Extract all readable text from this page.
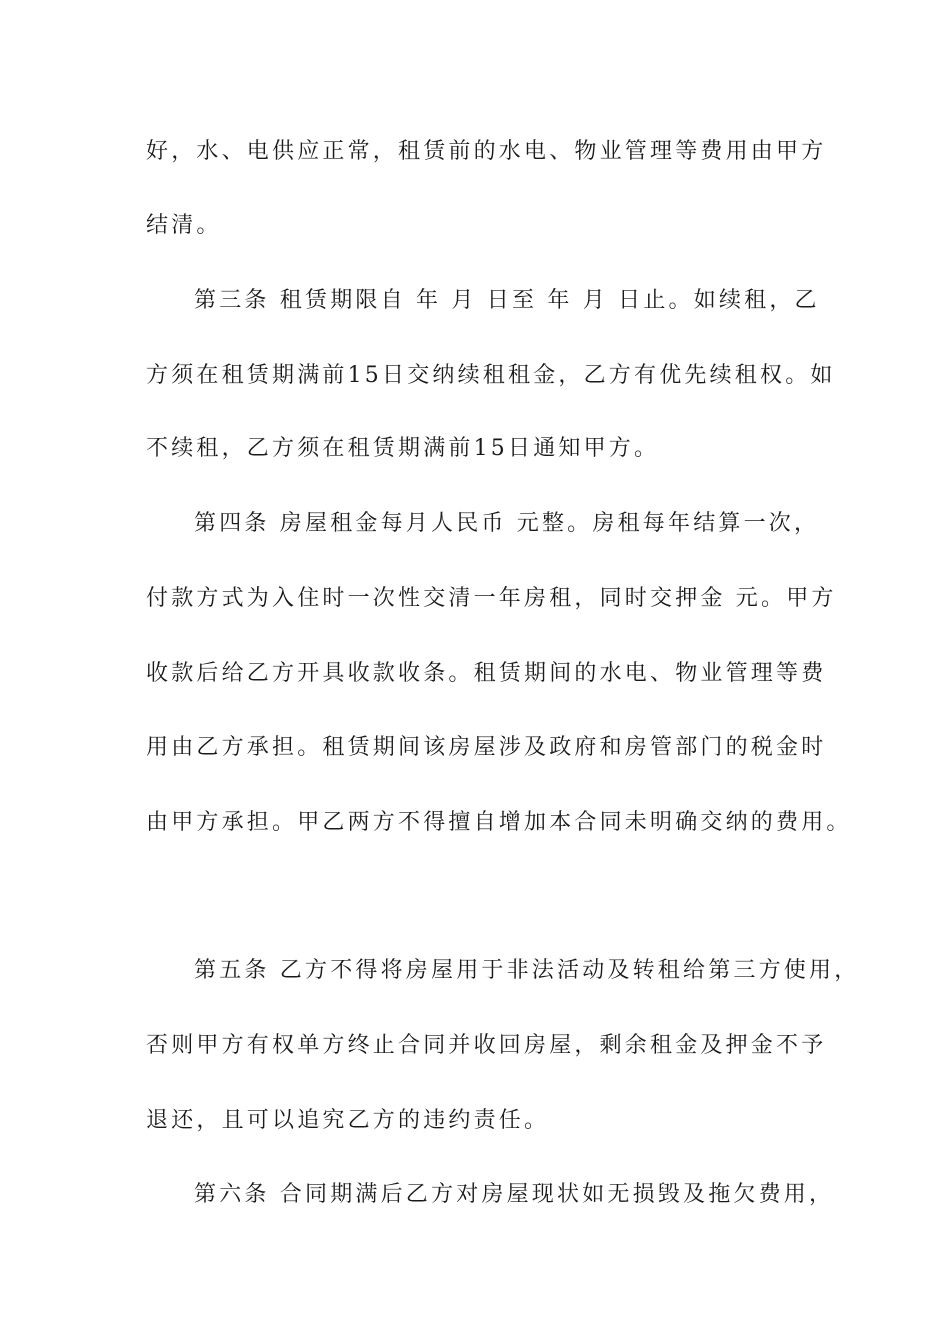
好，水、电供应正常，租赁前的水电、物业管理等费用由甲方
结清。
第三条 租赁期限自 年 月 日至 年 月 日止。如续租，乙
方须在租赁期满前15日交纳续租租金，乙方有优先续租权。如
不续租，乙方须在租赁期满前15日通知甲方。
第四条 房屋租金每月人民币 元整。房租每年结算一次，
付款方式为入住时一次性交清一年房租，同时交押金 元。甲方
收款后给乙方开具收款收条。租赁期间的水电、物业管理等费
用由乙方承担。租赁期间该房屋涉及政府和房管部门的税金时
由甲方承担。甲乙两方不得擅自增加本合同未明确交纳的费用。
第五条 乙方不得将房屋用于非法活动及转租给第三方使用，
否则甲方有权单方终止合同并收回房屋，剩余租金及押金不予
退还，且可以追究乙方的违约责任。
第六条 合同期满后乙方对房屋现状如无损毁及拖欠费用，
